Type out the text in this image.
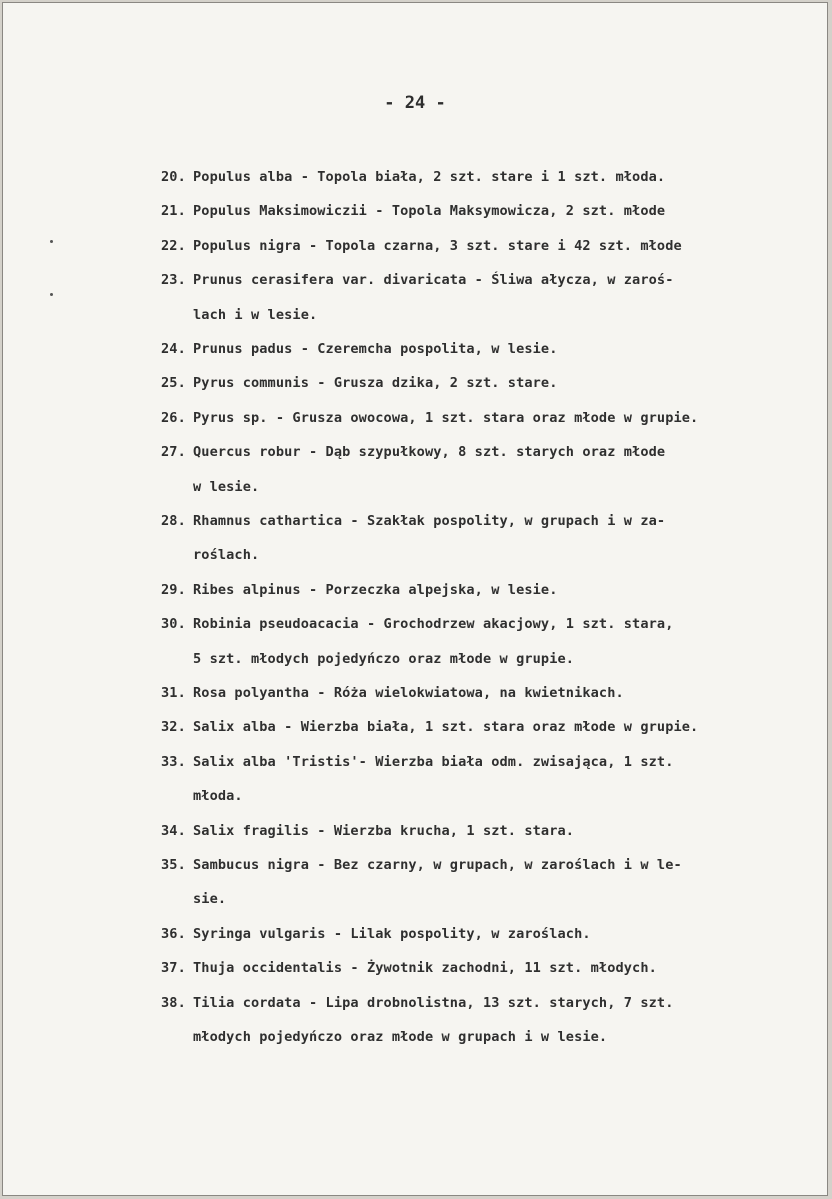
- 24 -
20. Populus alba - Topola biała, 2 szt. stare i 1 szt. młoda.
21. Populus Maksimowiczii - Topola Maksymowicza, 2 szt. młode
22. Populus nigra - Topola czarna, 3 szt. stare i 42 szt. młode
23. Prunus cerasifera var. divaricata - Śliwa ałycza, w zaroś-
lach i w lesie.
24. Prunus padus - Czeremcha pospolita, w lesie.
25. Pyrus communis - Grusza dzika, 2 szt. stare.
26. Pyrus sp. - Grusza owocowa, 1 szt. stara oraz młode w grupie.
27. Quercus robur - Dąb szypułkowy, 8 szt. starych oraz młode
w lesie.
28. Rhamnus cathartica - Szakłak pospolity, w grupach i w za-
roślach.
29. Ribes alpinus - Porzeczka alpejska, w lesie.
30. Robinia pseudoacacia - Grochodrzew akacjowy, 1 szt. stara,
5 szt. młodych pojedyńczo oraz młode w grupie.
31. Rosa polyantha - Róża wielokwiatowa, na kwietnikach.
32. Salix alba - Wierzba biała, 1 szt. stara oraz młode w grupie.
33. Salix alba 'Tristis'- Wierzba biała odm. zwisająca, 1 szt.
młoda.
34. Salix fragilis - Wierzba krucha, 1 szt. stara.
35. Sambucus nigra - Bez czarny, w grupach, w zaroślach i w le-
sie.
36. Syringa vulgaris - Lilak pospolity, w zaroślach.
37. Thuja occidentalis - Żywotnik zachodni, 11 szt. młodych.
38. Tilia cordata - Lipa drobnolistna, 13 szt. starych, 7 szt.
młodych pojedyńczo oraz młode w grupach i w lesie.
